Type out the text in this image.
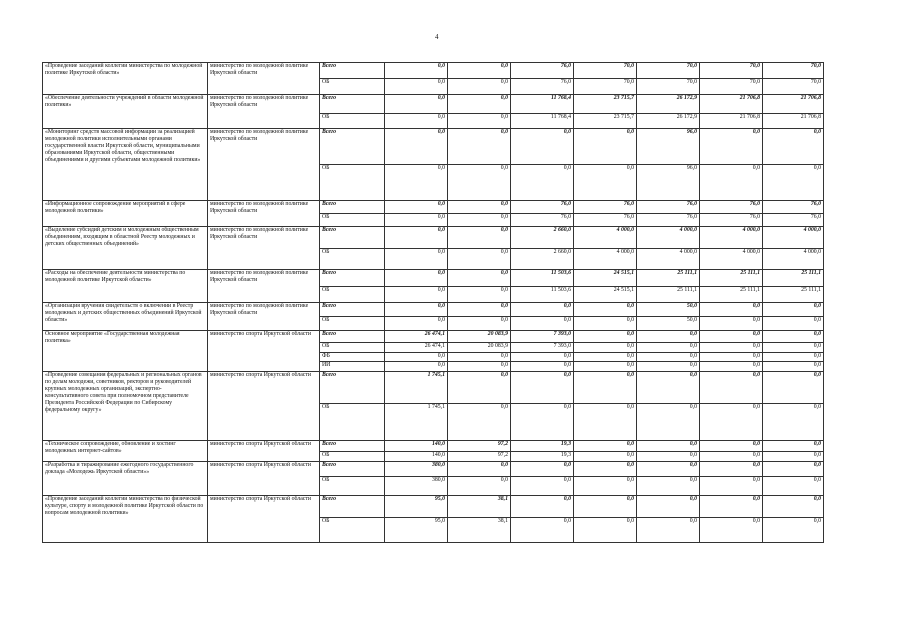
4
«Проведение заседаний коллегии министерства по молодежной политике Иркутской области»	министерство по молодежной политике Иркутской области	Всего	0,0	0,0	76,0	70,0	70,0	70,0	70,0
		ОБ	0,0	0,0	76,0	70,0	70,0	70,0	70,0
«Обеспечение деятельности учреждений в области молодежной политики»	министерство по молодежной политике Иркутской области	Всего	0,0	0,0	11 768,4	23 715,7	26 172,9	21 706,8	21 706,8
		ОБ	0,0	0,0	11 768,4	23 715,7	26 172,9	21 706,8	21 706,8
«Мониторинг средств массовой информации за реализацией молодежной политики исполнительными органами государственной власти Иркутской области, муниципальными образованиями Иркутской области, общественными объединениями и другими субъектами молодежной политики»	министерство по молодежной политике Иркутской области	Всего	0,0	0,0	0,0	0,0	96,0	0,0	0,0
		ОБ	0,0	0,0	0,0	0,0	96,0	0,0	0,0
«Информационное сопровождение мероприятий в сфере молодежной политики»	министерство по молодежной политике Иркутской области	Всего	0,0	0,0	76,0	76,0	76,0	76,0	76,0
		ОБ	0,0	0,0	76,0	76,0	76,0	76,0	76,0
«Выделение субсидий детским и молодежным общественным объединениям, входящим в областной Реестр молодежных и детских общественных объединений»	министерство по молодежной политике Иркутской области	Всего	0,0	0,0	2 660,0	4 000,0	4 000,0	4 000,0	4 000,0
		ОБ	0,0	0,0	2 660,0	4 000,0	4 000,0	4 000,0	4 000,0
«Расходы на обеспечение деятельности министерства по молодежной политике Иркутской области»	министерство по молодежной политике Иркутской области	Всего	0,0	0,0	11 503,6	24 515,1	25 111,1	25 111,1	25 111,1
		ОБ	0,0	0,0	11 503,6	24 515,1	25 111,1	25 111,1	25 111,1
«Организация вручения свидетельств о включении в Реестр молодежных и детских общественных объединений Иркутской области»	министерство по молодежной политике Иркутской области	Всего	0,0	0,0	0,0	0,0	50,0	0,0	0,0
		ОБ	0,0	0,0	0,0	0,0	50,0	0,0	0,0
Основное мероприятие «Государственная молодежная политика»	министерство спорта Иркутской области	Всего	26 474,1	20 083,9	7 393,0	0,0	0,0	0,0	0,0
		ОБ	26 474,1	20 083,9	7 393,0	0,0	0,0	0,0	0,0
		ФБ	0,0	0,0	0,0	0,0	0,0	0,0	0,0
		ИИ	0,0	0,0	0,0	0,0	0,0	0,0	0,0
«Проведение совещания федеральных и региональных органов по делам молодежи, советников, ректоров и руководителей крупных молодежных организаций, экспертно-консультативного совета при полномочном представителе Президента Российской Федерации по Сибирскому федеральному округу»	министерство спорта Иркутской области	Всего	1 745,1	0,0	0,0	0,0	0,0	0,0	0,0
		ОБ	1 745,1	0,0	0,0	0,0	0,0	0,0	0,0
«Техническое сопровождение, обновление и хостинг молодежных интернет-сайтов»	министерство спорта Иркутской области	Всего	140,0	97,2	19,3	0,0	0,0	0,0	0,0
		ОБ	140,0	97,2	19,3	0,0	0,0	0,0	0,0
«Разработка и тиражирование ежегодного государственного доклада «Молодежь Иркутской области»»	министерство спорта Иркутской области	Всего	380,0	0,0	0,0	0,0	0,0	0,0	0,0
		ОБ	380,0	0,0	0,0	0,0	0,0	0,0	0,0
«Проведение заседаний коллегии министерства по физической культуре, спорту и молодежной политике Иркутской области по вопросам молодежной политики»	министерство спорта Иркутской области	Всего	95,0	38,1	0,0	0,0	0,0	0,0	0,0
		ОБ	95,0	38,1	0,0	0,0	0,0	0,0	0,0
